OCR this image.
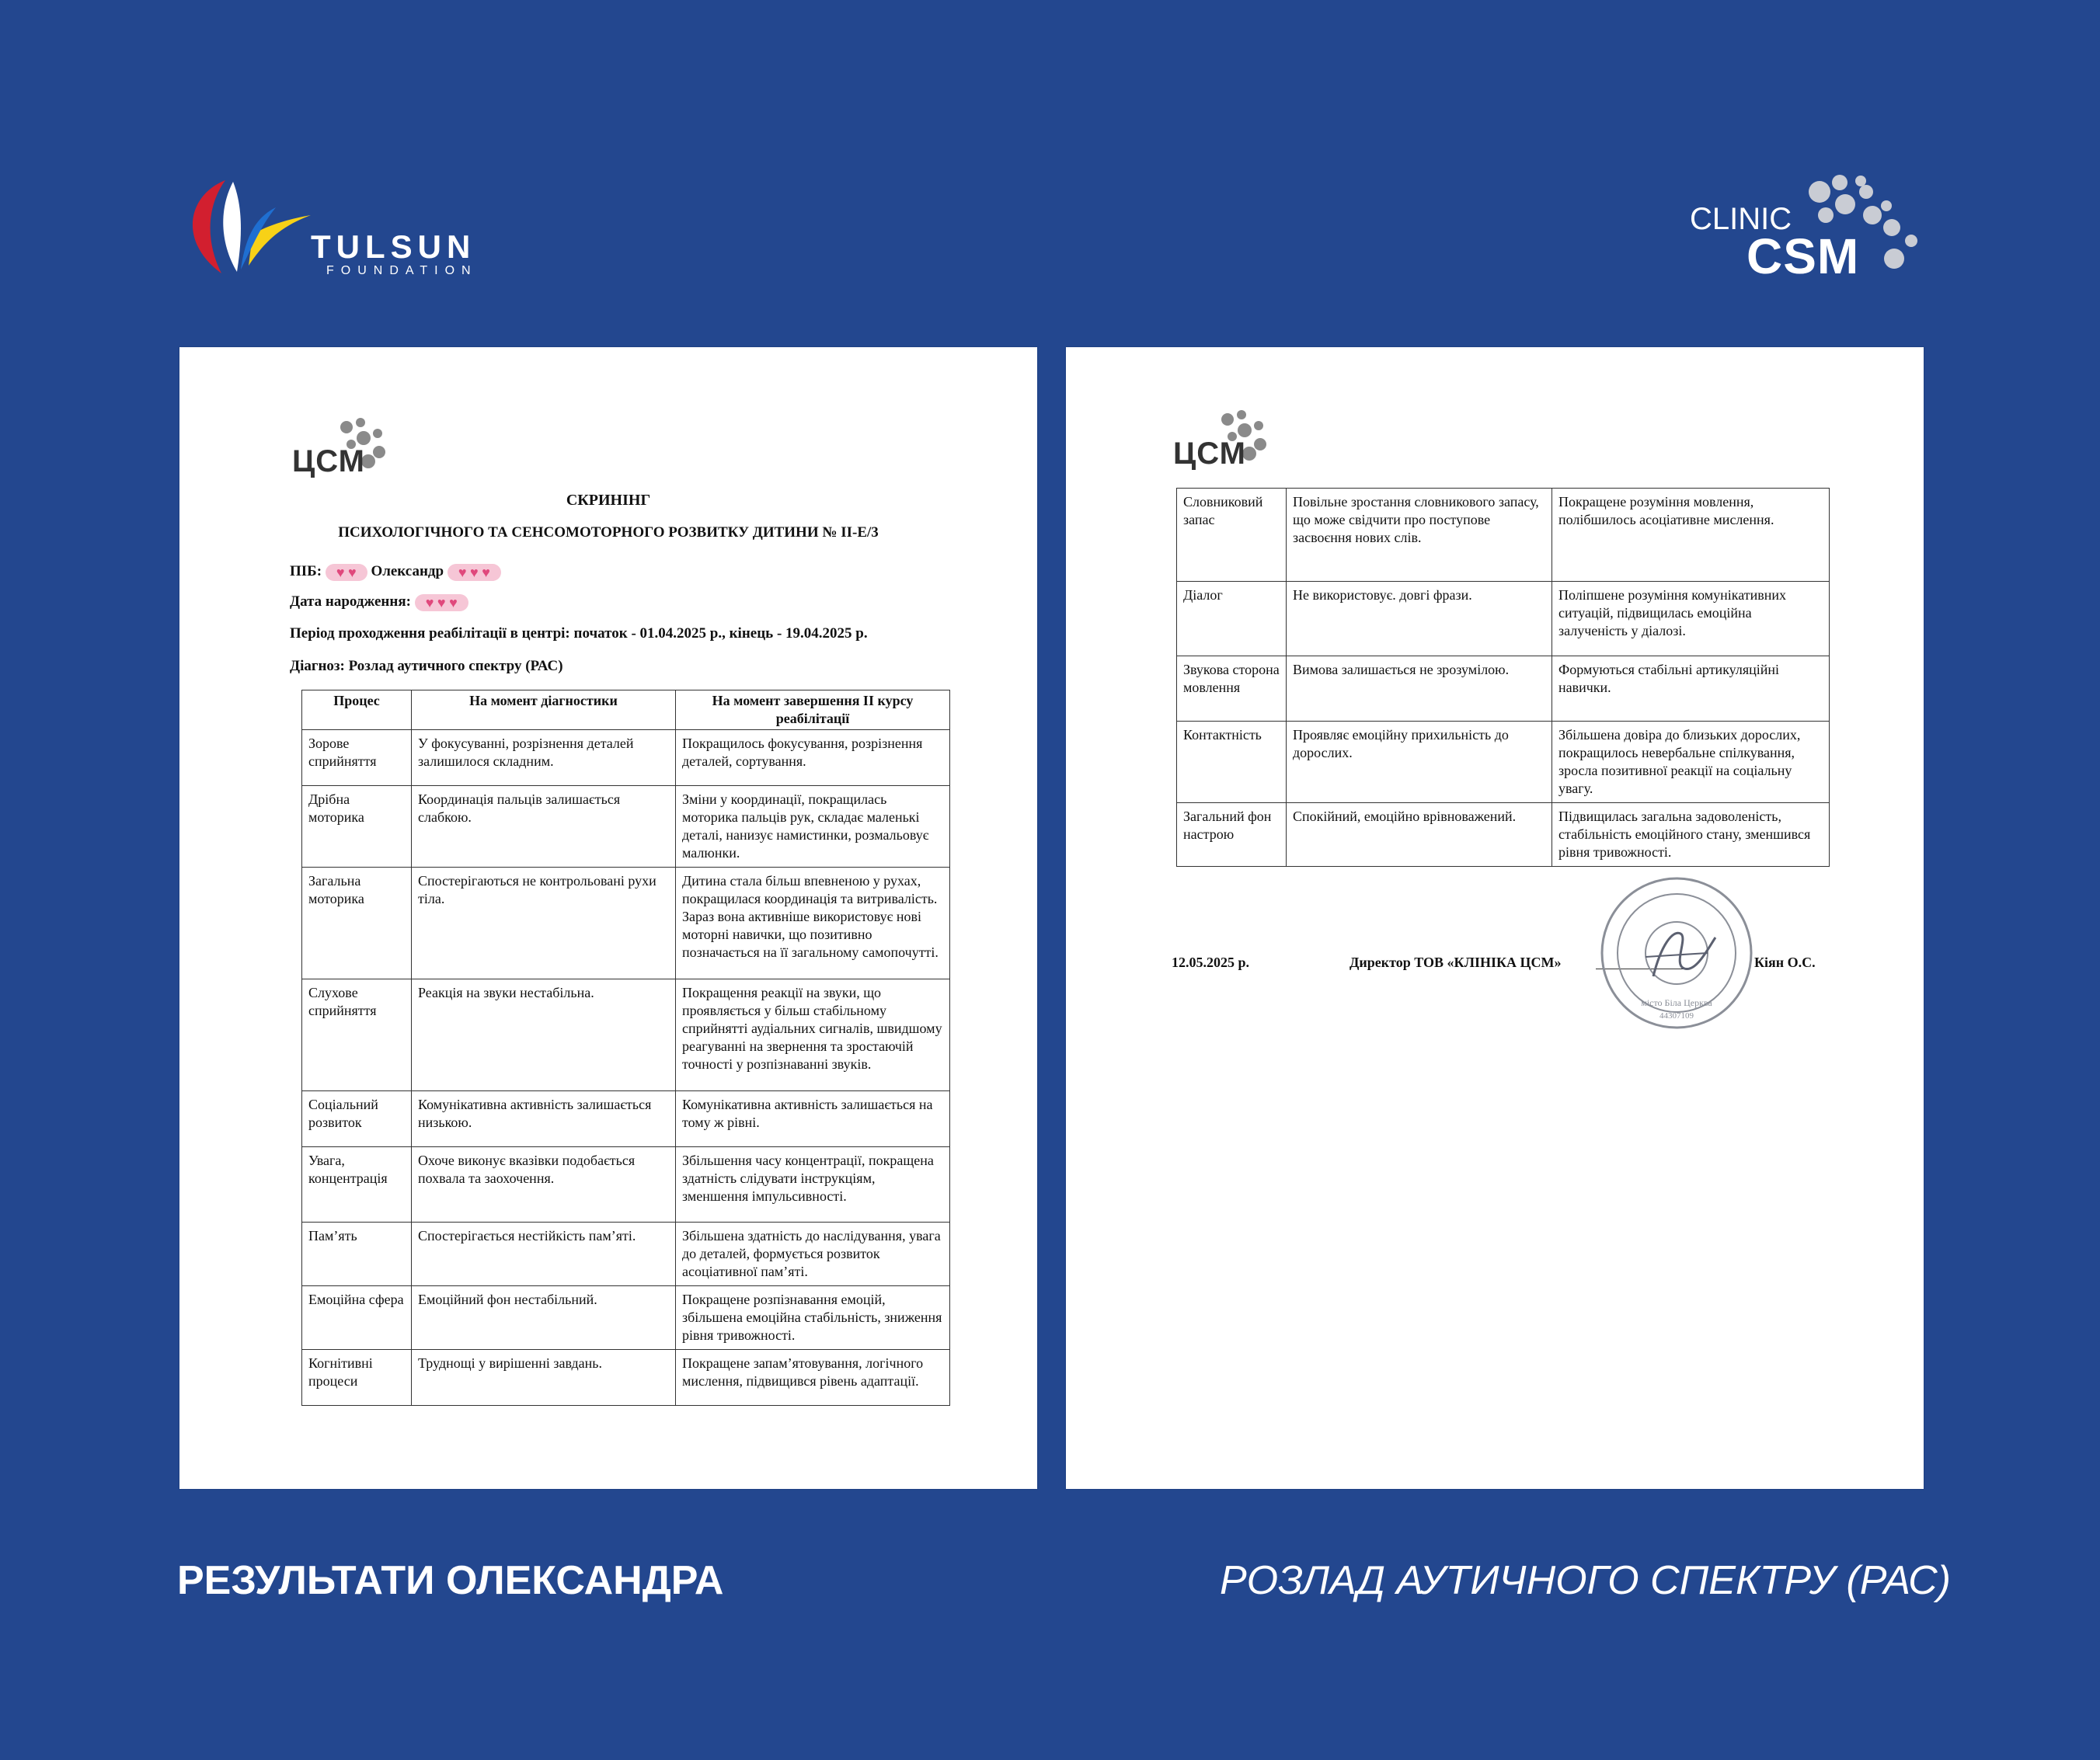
TULSUN
FOUNDATION
CLINIC
CSM
ЦСМ
СКРИНІНГ
ПСИХОЛОГІЧНОГО ТА СЕНСОМОТОРНОГО РОЗВИТКУ ДИТИНИ № ІІ-Е/3
ПІБ: ♥ ♥ Олександр ♥ ♥ ♥
Дата народження: ♥ ♥ ♥
Період проходження реабілітації в центрі: початок - 01.04.2025 р., кінець - 19.04.2025 р.
Діагноз: Розлад аутичного спектру (РАС)
Процес	На момент діагностики	На момент завершення ІІ курсу реабілітації
Зорове сприйняття	У фокусуванні, розрізнення деталей залишилося складним.	Покращилось фокусування, розрізнення деталей, сортування.
Дрібна моторика	Координація пальців залишається слабкою.	Зміни у координації, покращилась моторика пальців рук, складає маленькі деталі, нанизує намистинки, розмальовує малюнки.
Загальна моторика	Спостерігаються не контрольовані рухи тіла.	Дитина стала більш впевненою у рухах, покращилася координація та витривалість. Зараз вона активніше використовує нові моторні навички, що позитивно позначається на її загальному самопочутті.
Слухове сприйняття	Реакція на звуки нестабільна.	Покращення реакції на звуки, що проявляється у більш стабільному сприйнятті аудіальних сигналів, швидшому реагуванні на звернення та зростаючій точності у розпізнаванні звуків.
Соціальний розвиток	Комунікативна активність залишається низькою.	Комунікативна активність залишається на тому ж рівні.
Увага, концентрація	Охоче виконує вказівки подобається похвала та заохочення.	Збільшення часу концентрації, покращена здатність слідувати інструкціям, зменшення імпульсивності.
Пам’ять	Спостерігається нестійкість пам’яті.	Збільшена здатність до наслідування, увага до деталей, формується розвиток асоціативної пам’яті.
Емоційна сфера	Емоційний фон нестабільний.	Покращене розпізнавання емоцій, збільшена емоційна стабільність, зниження рівня тривожності.
Когнітивні процеси	Труднощі у вирішенні завдань.	Покращене запам’ятовування, логічного мислення, підвищився рівень адаптації.
ЦСМ
Словниковий запас	Повільне зростання словникового запасу, що може свідчити про поступове засвоєння нових слів.	Покращене розуміння мовлення, полібшилось асоціативне мислення.
Діалог	Не використовує. довгі фрази.	Поліпшене розуміння комунікативних ситуацій, підвищилась емоційна залученість у діалозі.
Звукова сторона мовлення	Вимова залишається не зрозумілою.	Формуються стабільні артикуляційні навички.
Контактність	Проявляє емоційну прихильність до дорослих.	Збільшена довіра до близьких дорослих, покращилось невербальне спілкування, зросла позитивної реакції на соціальну увагу.
Загальний фон настрою	Спокійний, емоційно врівноважений.	Підвищилась загальна задоволеність, стабільність емоційного стану, зменшився рівня тривожності.
12.05.2025 р.	Директор ТОВ «КЛІНІКА ЦСМ»	Кіян О.С.
місто Біла Церква
44307109
РЕЗУЛЬТАТИ ОЛЕКСАНДРА	РОЗЛАД АУТИЧНОГО СПЕКТРУ (РАС)
